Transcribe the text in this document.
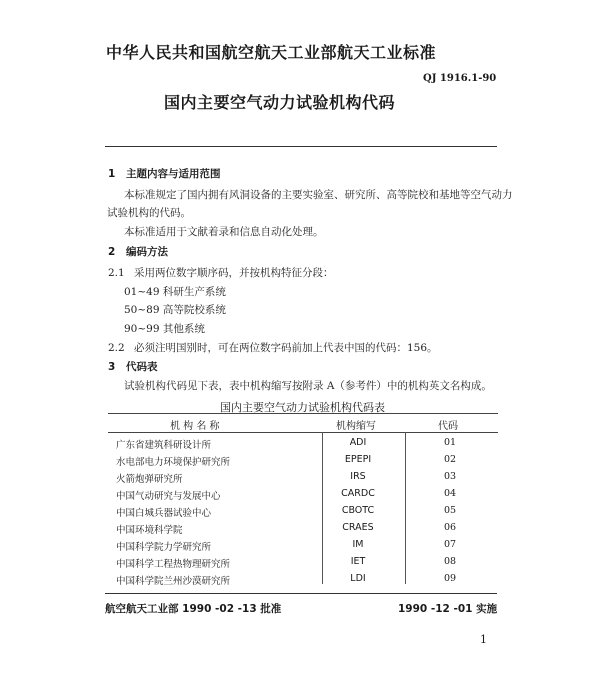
中华人民共和国航空航天工业部航天工业标准
QJ 1916.1-90
国内主要空气动力试验机构代码
1 主题内容与适用范围
本标准规定了国内拥有风洞设备的主要实验室、研究所、高等院校和基地等空气动力
试验机构的代码。
本标准适用于文献着录和信息自动化处理。
2 编码方法
2.1 采用两位数字顺序码，并按机构特征分段：
01~49 科研生产系统
50~89 高等院校系统
90~99 其他系统
2.2 必须注明国别时，可在两位数字码前加上代表中国的代码：156。
3 代码表
试验机构代码见下表，表中机构缩写按附录 A（参考件）中的机构英文名构成。
国内主要空气动力试验机构代码表
机 构 名 称	机构缩写	代码
广东省建筑科研设计所	ADI	01
水电部电力环境保护研究所	EPEPI	02
火箭炮弹研究所	IRS	03
中国气动研究与发展中心	CARDC	04
中国白城兵器试验中心	CBOTC	05
中国环境科学院	CRAES	06
中国科学院力学研究所	IM	07
中国科学工程热物理研究所	IET	08
中国科学院兰州沙漠研究所	LDI	09
航空航天工业部 1990 -02 -13 批准	1990 -12 -01 实施
1
